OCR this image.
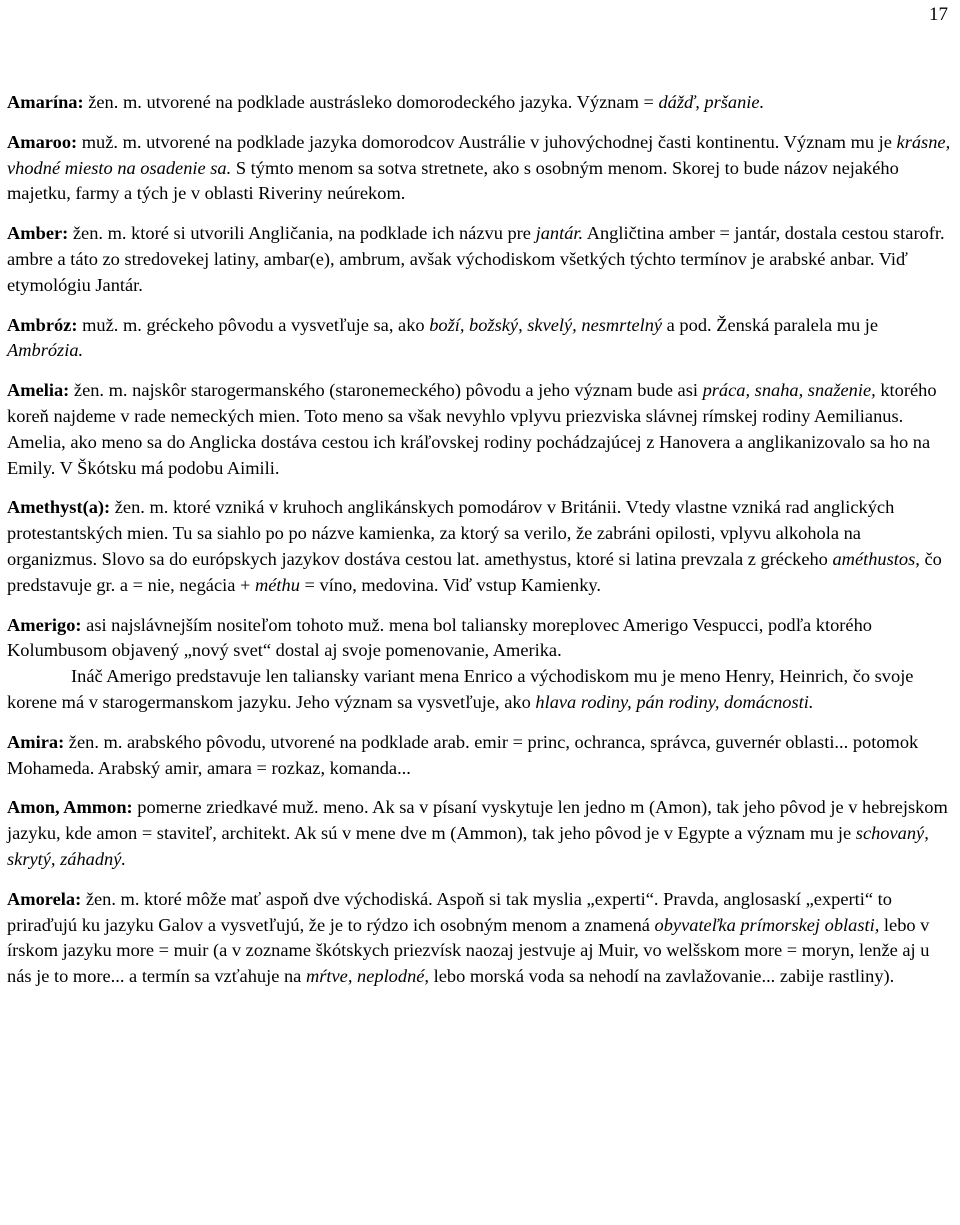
17

Amarína: žen. m. utvorené na podklade austrásleko domorodeckého jazyka. Význam = dážď, pršanie.

Amaroo: muž. m. utvorené na podklade jazyka domorodcov Austrálie v juhovýchodnej časti kontinentu. Význam mu je krásne, vhodné miesto na osadenie sa. S týmto menom sa sotva stretnete, ako s osobným menom. Skorej to bude názov nejakého majetku, farmy a tých je v oblasti Riveriny neúrekom.

Amber: žen. m. ktoré si utvorili Angličania, na podklade ich názvu pre jantár. Angličtina amber = jantár, dostala cestou starofr. ambre a táto zo stredovekej latiny, ambar(e), ambrum, avšak východiskom všetkých týchto termínov je arabské anbar. Viď etymológiu Jantár.

Ambróz: muž. m. gréckeho pôvodu a vysvetľuje sa, ako boží, božský, skvelý, nesmrtelný a pod. Ženská paralela mu je Ambrózia.

Amelia: žen. m. najskôr starogermanského (staronemeckého) pôvodu a jeho význam bude asi práca, snaha, snaženie, ktorého koreň najdeme v rade nemeckých mien. Toto meno sa však nevyhlo vplyvu priezviska slávnej rímskej rodiny Aemilianus. Amelia, ako meno sa do Anglicka dostáva cestou ich kráľovskej rodiny pochádzajúcej z Hanovera a anglikanizovalo sa ho na Emily. V Škótsku má podobu Aimili.

Amethyst(a): žen. m. ktoré vzniká v kruhoch anglikánskych pomodárov v Británii. Vtedy vlastne vzniká rad anglických protestantských mien. Tu sa siahlo po po názve kamienka, za ktorý sa verilo, že zabráni opilosti, vplyvu alkohola na organizmus. Slovo sa do európskych jazykov dostáva cestou lat. amethystus, ktoré si latina prevzala z gréckeho améthustos, čo predstavuje gr. a = nie, negácia + méthu = víno, medovina. Viď vstup Kamienky.

Amerigo: asi najslávnejším nositeľom tohoto muž. mena bol taliansky moreplovec Amerigo Vespucci, podľa ktorého Kolumbusom objavený „nový svet“ dostal aj svoje pomenovanie, Amerika.

Ináč Amerigo predstavuje len taliansky variant mena Enrico a východiskom mu je meno Henry, Heinrich, čo svoje korene má v starogermanskom jazyku. Jeho význam sa vysvetľuje, ako hlava rodiny, pán rodiny, domácnosti.

Amira: žen. m. arabského pôvodu, utvorené na podklade arab. emir = princ, ochranca, správca, guvernér oblasti... potomok Mohameda. Arabský amir, amara = rozkaz, komanda...

Amon, Ammon: pomerne zriedkavé muž. meno. Ak sa v písaní vyskytuje len jedno m (Amon), tak jeho pôvod je v hebrejskom jazyku, kde amon = staviteľ, architekt. Ak sú v mene dve m (Ammon), tak jeho pôvod je v Egypte a význam mu je schovaný, skrytý, záhadný.

Amorela: žen. m. ktoré môže mať aspoň dve východiská. Aspoň si tak myslia „experti“. Pravda, anglosaskí „experti“ to priraďujú ku jazyku Galov a vysvetľujú, že je to rýdzo ich osobným menom a znamená obyvateľka prímorskej oblasti, lebo v írskom jazyku more = muir (a v zozname škótskych priezvísk naozaj jestvuje aj Muir, vo welšskom more = moryn, lenže aj u nás je to more... a termín sa vzťahuje na mŕtve, neplodné, lebo morská voda sa nehodí na zavlažovanie... zabije rastliny).
